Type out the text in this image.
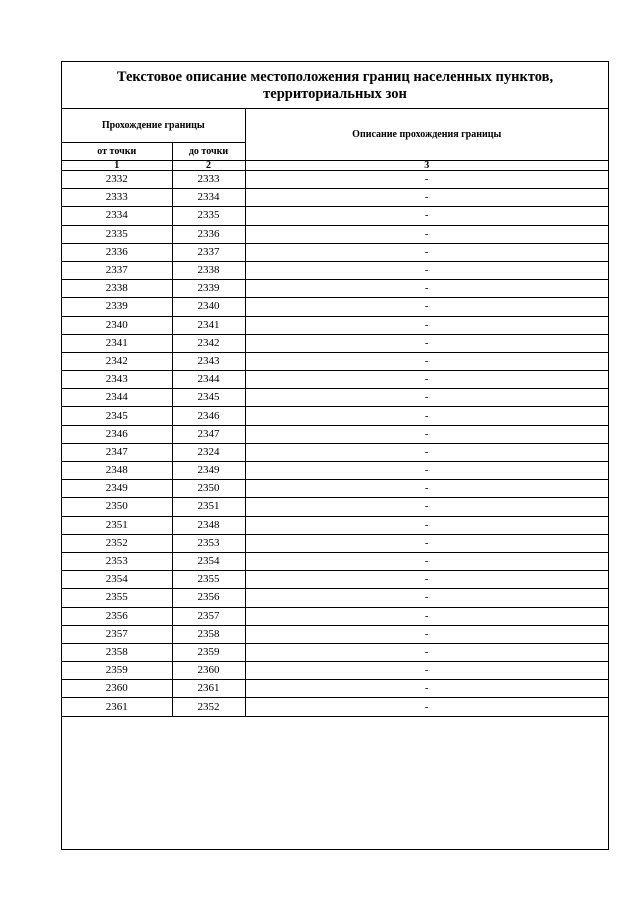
Текстовое описание местоположения границ населенных пунктов,
территориальных зон
Прохождение границы		Описание прохождения границы
от точки	до точки	
1	2	3
2332	2333	-
2333	2334	-
2334	2335	-
2335	2336	-
2336	2337	-
2337	2338	-
2338	2339	-
2339	2340	-
2340	2341	-
2341	2342	-
2342	2343	-
2343	2344	-
2344	2345	-
2345	2346	-
2346	2347	-
2347	2324	-
2348	2349	-
2349	2350	-
2350	2351	-
2351	2348	-
2352	2353	-
2353	2354	-
2354	2355	-
2355	2356	-
2356	2357	-
2357	2358	-
2358	2359	-
2359	2360	-
2360	2361	-
2361	2352	-
